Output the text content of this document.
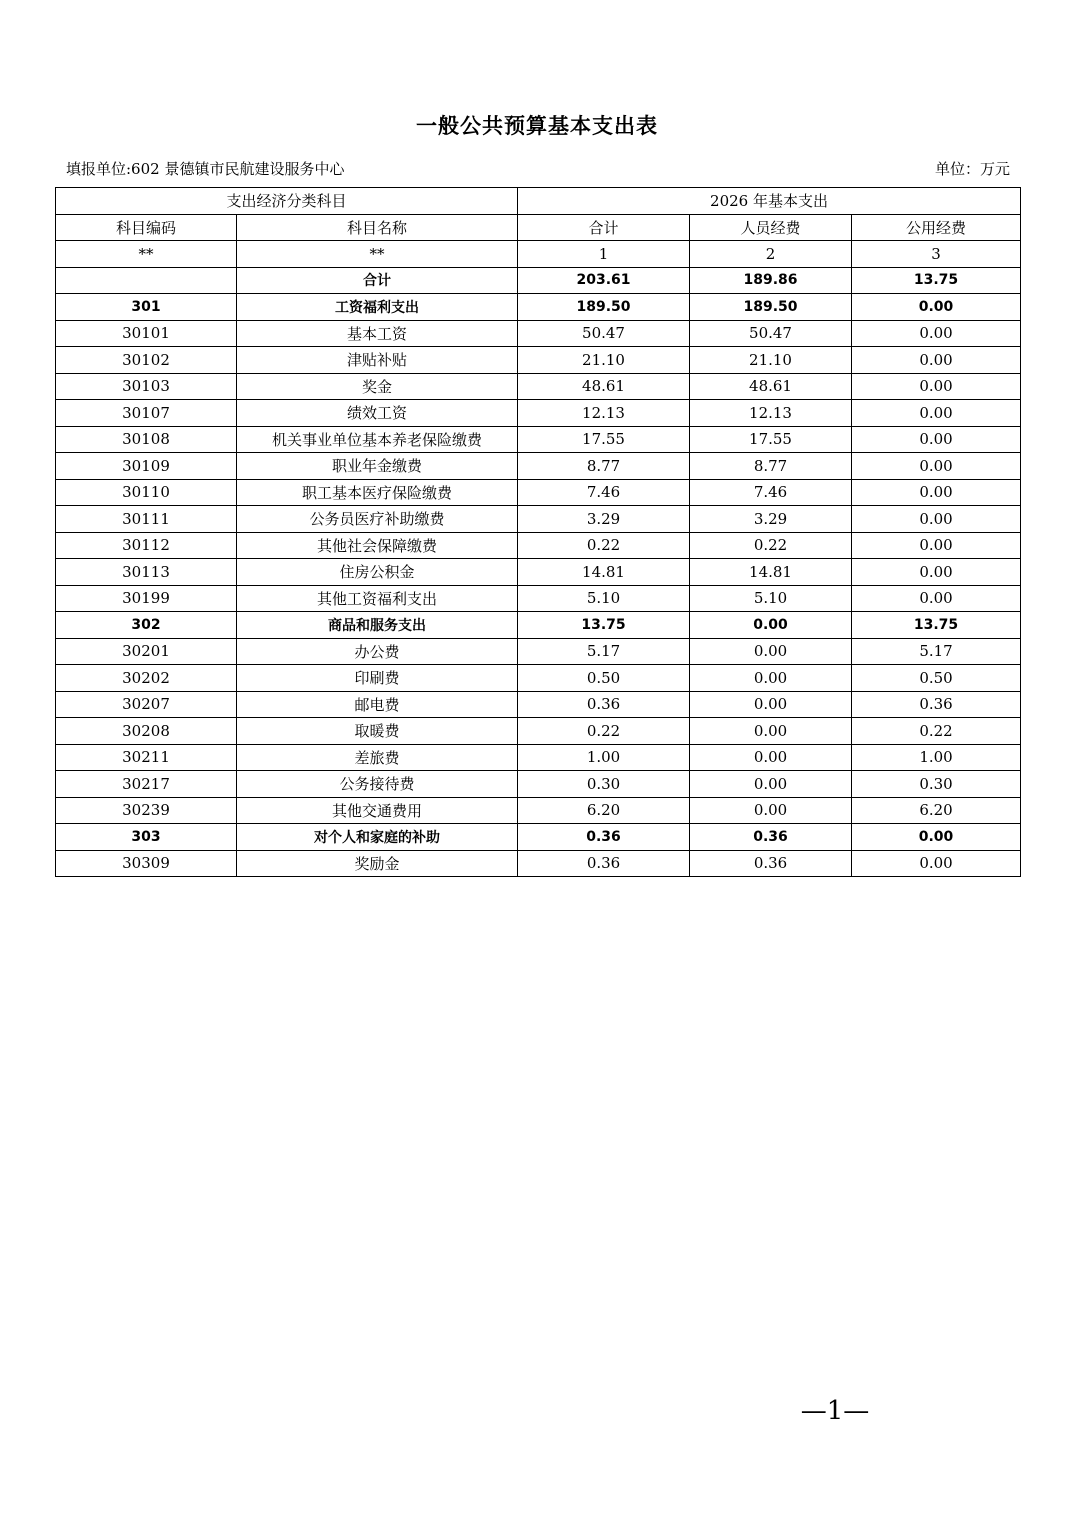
一般公共预算基本支出表
填报单位:602 景德镇市民航建设服务中心	单位：万元
支出经济分类科目		2026 年基本支出		
科目编码	科目名称	合计	人员经费	公用经费
**	**	1	2	3
	合计	203.61	189.86	13.75
301	工资福利支出	189.50	189.50	0.00
30101	基本工资	50.47	50.47	0.00
30102	津贴补贴	21.10	21.10	0.00
30103	奖金	48.61	48.61	0.00
30107	绩效工资	12.13	12.13	0.00
30108	机关事业单位基本养老保险缴费	17.55	17.55	0.00
30109	职业年金缴费	8.77	8.77	0.00
30110	职工基本医疗保险缴费	7.46	7.46	0.00
30111	公务员医疗补助缴费	3.29	3.29	0.00
30112	其他社会保障缴费	0.22	0.22	0.00
30113	住房公积金	14.81	14.81	0.00
30199	其他工资福利支出	5.10	5.10	0.00
302	商品和服务支出	13.75	0.00	13.75
30201	办公费	5.17	0.00	5.17
30202	印刷费	0.50	0.00	0.50
30207	邮电费	0.36	0.00	0.36
30208	取暖费	0.22	0.00	0.22
30211	差旅费	1.00	0.00	1.00
30217	公务接待费	0.30	0.00	0.30
30239	其他交通费用	6.20	0.00	6.20
303	对个人和家庭的补助	0.36	0.36	0.00
30309	奖励金	0.36	0.36	0.00
—1—
